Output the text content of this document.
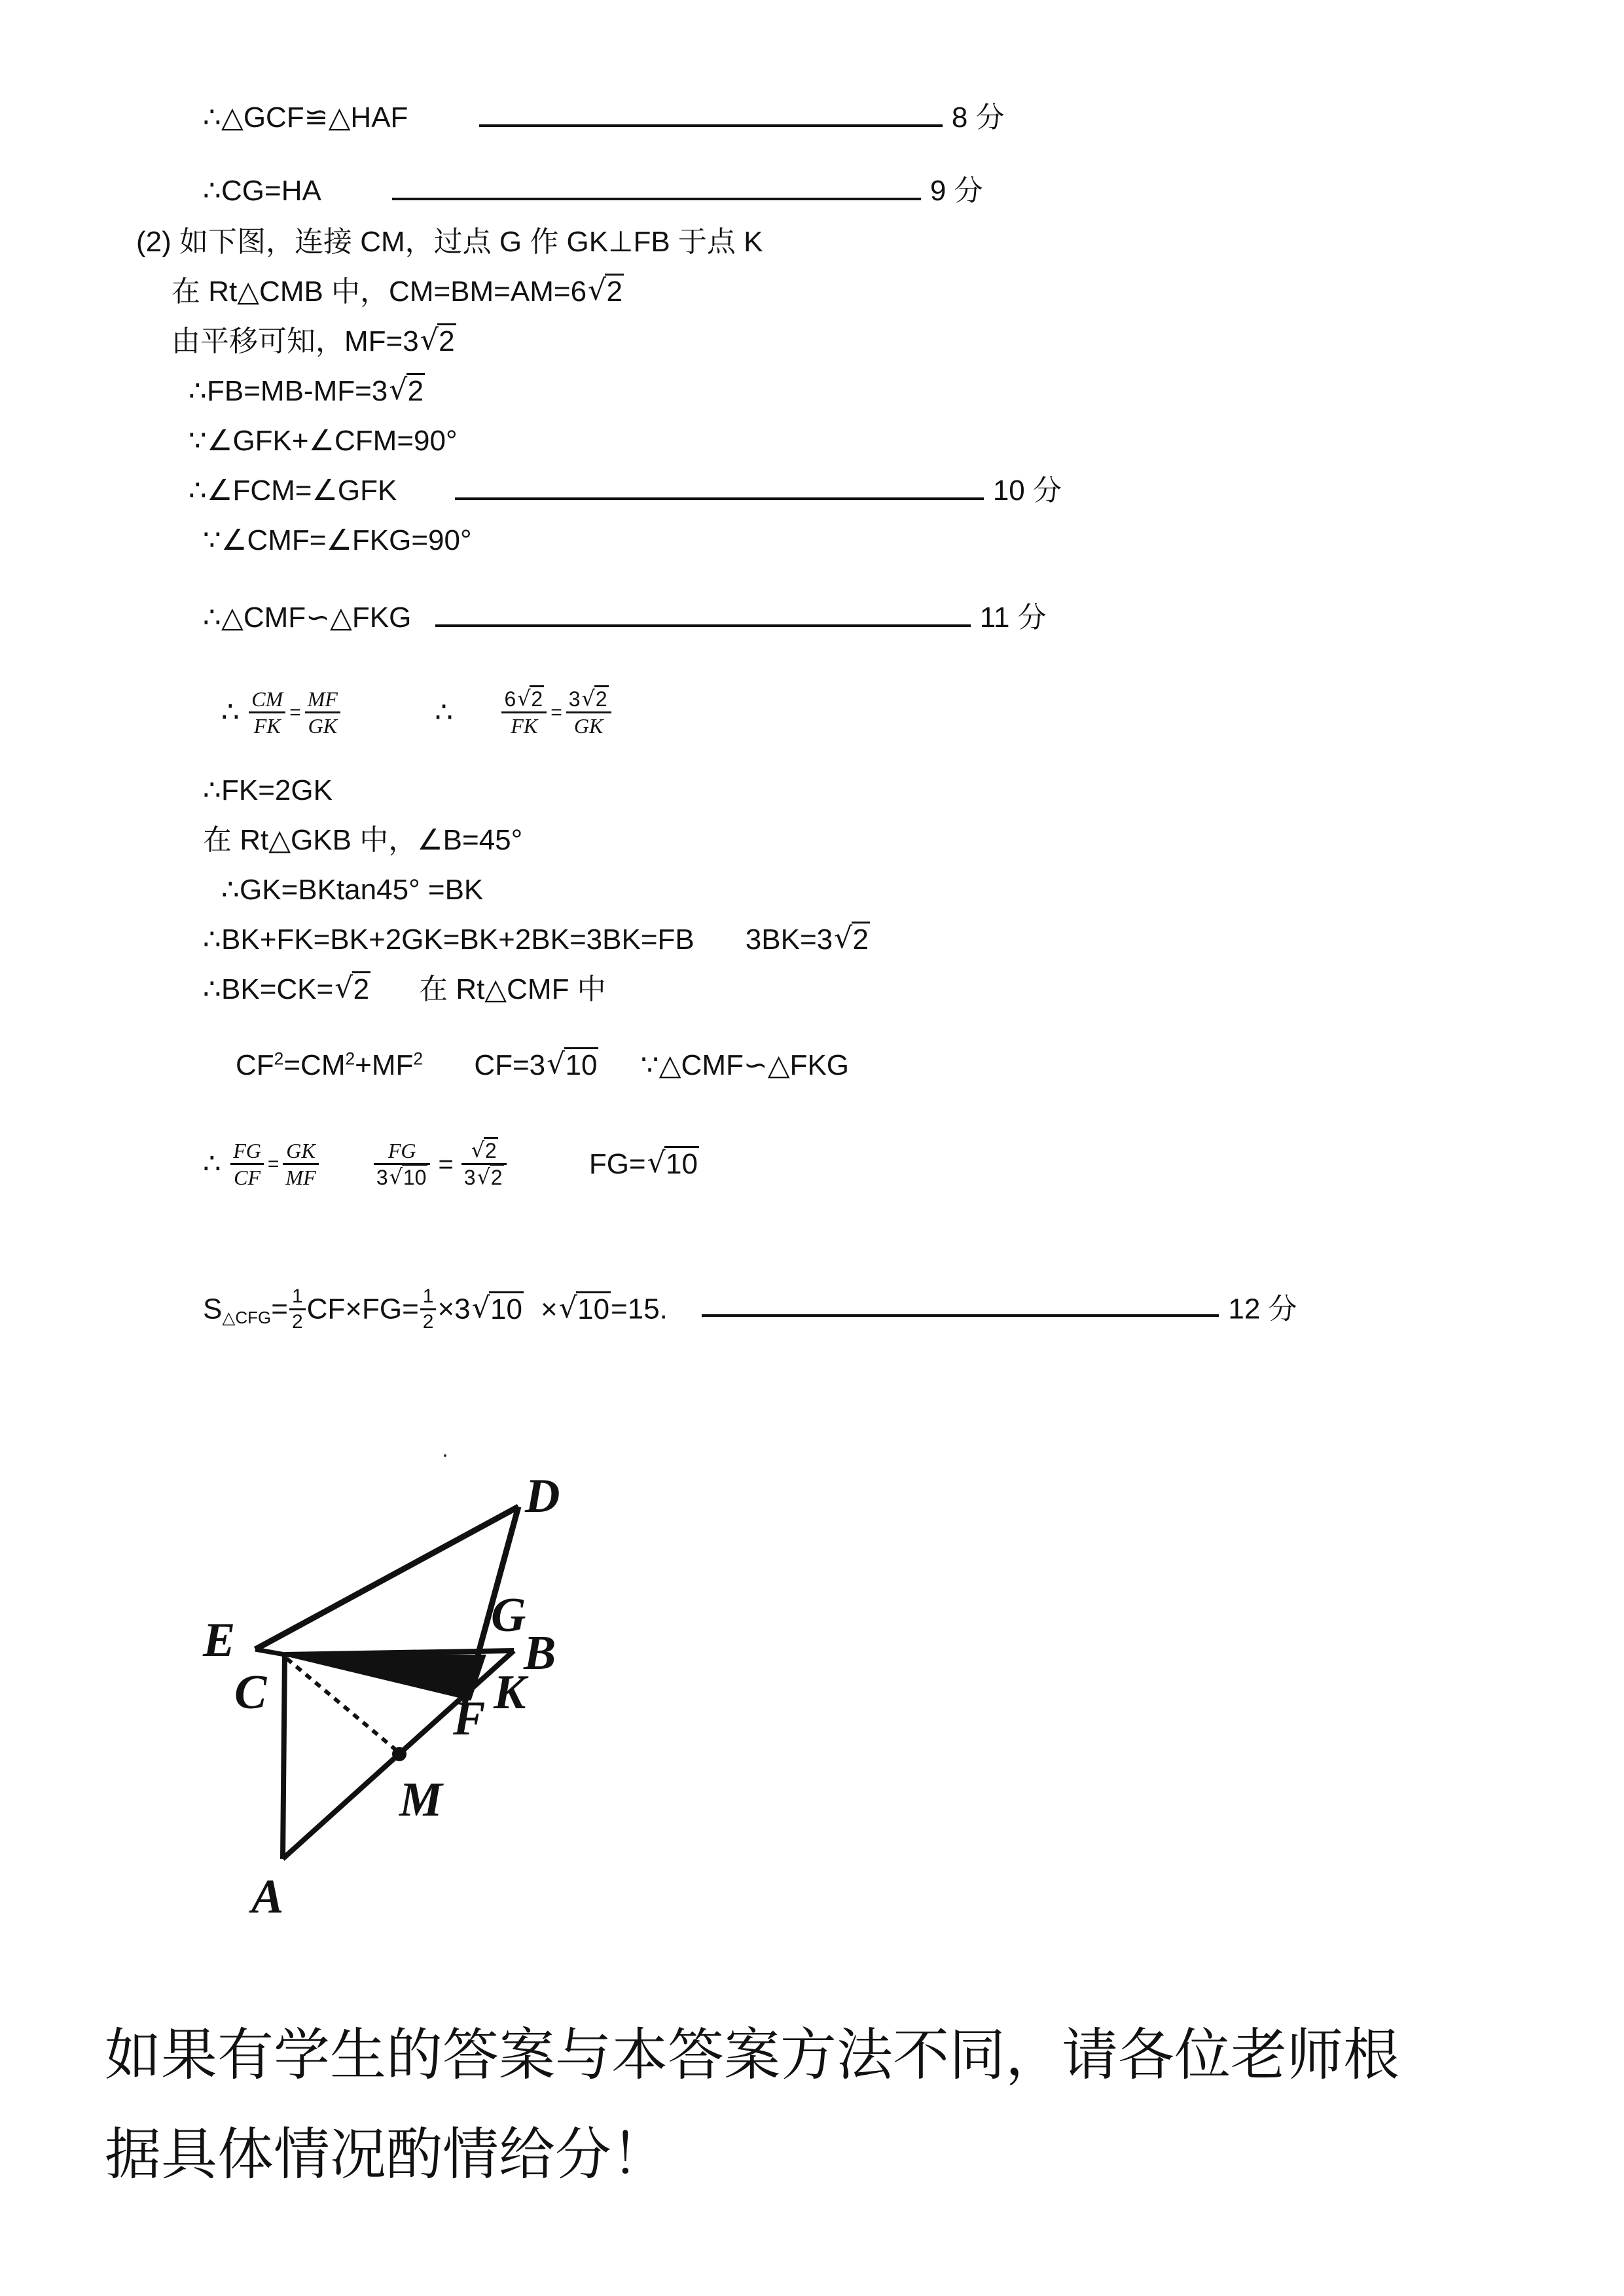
∴△GCF≌△HAF	8 分
∴CG=HA	9 分
(2) 如下图，连接 CM，过点 G 作 GK⊥FB 于点 K
在 Rt△CMB 中，CM=BM=AM=6√ 2
由平移可知，MF=3√ 2
∴FB=MB-MF=3√ 2
∵∠GFK+∠CFM=90°
∴∠FCM=∠GFK	10 分
∵∠CMF=∠FKG=90°
∴△CMF∽△FKG	11 分
∴ $\frac{CM}{FK} = \frac{MF}{GK}$	∴ $\frac{6√ 2}{FK} = \frac{3√ 2}{GK}$
∴FK=2GK
在 Rt△GKB 中，∠B=45°
∴GK=BKtan45° =BK
∴BK+FK=BK+2GK=BK+2BK=3BK=FB 3BK=3√ 2
∴BK=CK=√ 2 在 Rt△CMF 中
$CF^2=CM^2+MF^2$ CF=3√ 10 ∵△CMF∽△FKG
∴ $\frac{FG}{CF} = \frac{GK}{MF}$
	$\frac{FG}{3√ 10}$ =
√ $\frac{2}{3√ 2}$	FG=√ 10
$S_{\triangle CFG}= \frac{1}{2} CF\times FG= \frac{1}{2} \times 3√$ 10 ×√ 10=15.	12 分
D
E
C
G
B
K
F
M
A
如果有学生的答案与本答案方法不同，请各位老师根
据具体情况酌情给分！
